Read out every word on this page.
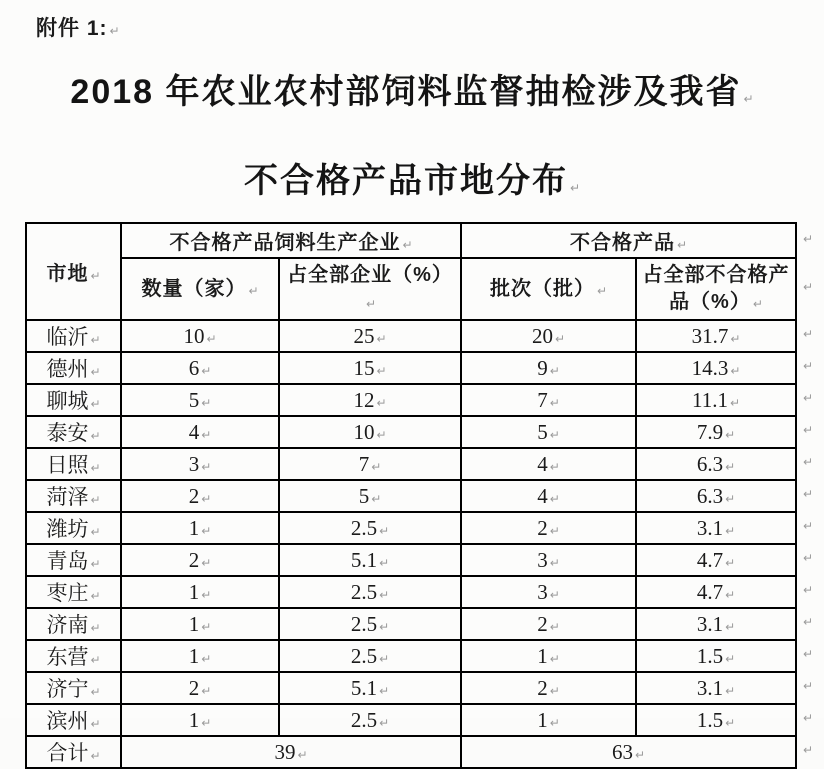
附件 1: ↵
2018 年农业农村部饲料监督抽检涉及我省 ↵
不合格产品市地分布 ↵
市地 ↵	不合格产品饲料生产企业 ↵		不合格产品 ↵	
	数量（家） ↵	占全部企业（%）↵	批次（批） ↵	占全部不合格产品（%） ↵
临沂 ↵	10 ↵	25 ↵	20 ↵	31.7 ↵
德州 ↵	6 ↵	15 ↵	9 ↵	14.3 ↵
聊城 ↵	5 ↵	12 ↵	7 ↵	11.1 ↵
泰安 ↵	4 ↵	10 ↵	5 ↵	7.9 ↵
日照 ↵	3 ↵	7 ↵	4 ↵	6.3 ↵
菏泽 ↵	2 ↵	5 ↵	4 ↵	6.3 ↵
潍坊 ↵	1 ↵	2.5 ↵	2 ↵	3.1 ↵
青岛 ↵	2 ↵	5.1 ↵	3 ↵	4.7 ↵
枣庄 ↵	1 ↵	2.5 ↵	3 ↵	4.7 ↵
济南 ↵	1 ↵	2.5 ↵	2 ↵	3.1 ↵
东营 ↵	1 ↵	2.5 ↵	1 ↵	1.5 ↵
济宁 ↵	2 ↵	5.1 ↵	2 ↵	3.1 ↵
滨州 ↵	1 ↵	2.5 ↵	1 ↵	1.5 ↵
合计 ↵	39 ↵		63 ↵	
↵
↵
↵
↵
↵
↵
↵
↵
↵
↵
↵
↵
↵
↵
↵
↵
